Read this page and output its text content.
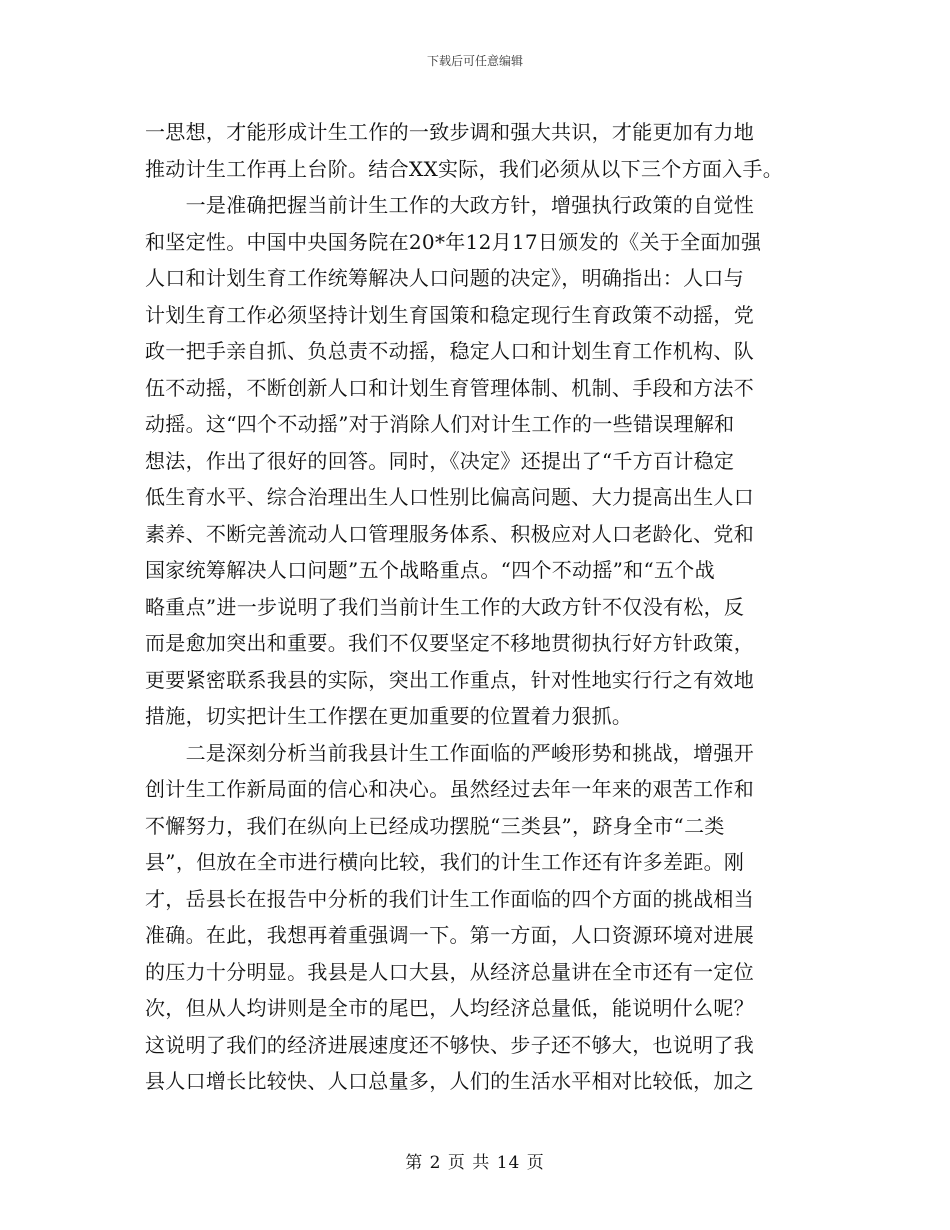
下载后可任意编辑
一思想，才能形成计生工作的一致步调和强大共识，才能更加有力地
推动计生工作再上台阶。结合XX实际，我们必须从以下三个方面入手。
　　一是准确把握当前计生工作的大政方针，增强执行政策的自觉性
和坚定性。中国中央国务院在20*年12月17日颁发的《关于全面加强
人口和计划生育工作统筹解决人口问题的决定》，明确指出：人口与
计划生育工作必须坚持计划生育国策和稳定现行生育政策不动摇，党
政一把手亲自抓、负总责不动摇，稳定人口和计划生育工作机构、队
伍不动摇，不断创新人口和计划生育管理体制、机制、手段和方法不
动摇。这“四个不动摇”对于消除人们对计生工作的一些错误理解和
想法，作出了很好的回答。同时，《决定》还提出了“千方百计稳定
低生育水平、综合治理出生人口性别比偏高问题、大力提高出生人口
素养、不断完善流动人口管理服务体系、积极应对人口老龄化、党和
国家统筹解决人口问题”五个战略重点。“四个不动摇”和“五个战
略重点”进一步说明了我们当前计生工作的大政方针不仅没有松，反
而是愈加突出和重要。我们不仅要坚定不移地贯彻执行好方针政策，
更要紧密联系我县的实际，突出工作重点，针对性地实行行之有效地
措施，切实把计生工作摆在更加重要的位置着力狠抓。
　　二是深刻分析当前我县计生工作面临的严峻形势和挑战，增强开
创计生工作新局面的信心和决心。虽然经过去年一年来的艰苦工作和
不懈努力，我们在纵向上已经成功摆脱“三类县”，跻身全市“二类
县”，但放在全市进行横向比较，我们的计生工作还有许多差距。刚
才，岳县长在报告中分析的我们计生工作面临的四个方面的挑战相当
准确。在此，我想再着重强调一下。第一方面，人口资源环境对进展
的压力十分明显。我县是人口大县，从经济总量讲在全市还有一定位
次，但从人均讲则是全市的尾巴，人均经济总量低，能说明什么呢？
这说明了我们的经济进展速度还不够快、步子还不够大，也说明了我
县人口增长比较快、人口总量多，人们的生活水平相对比较低，加之
第 2 页 共 14 页
